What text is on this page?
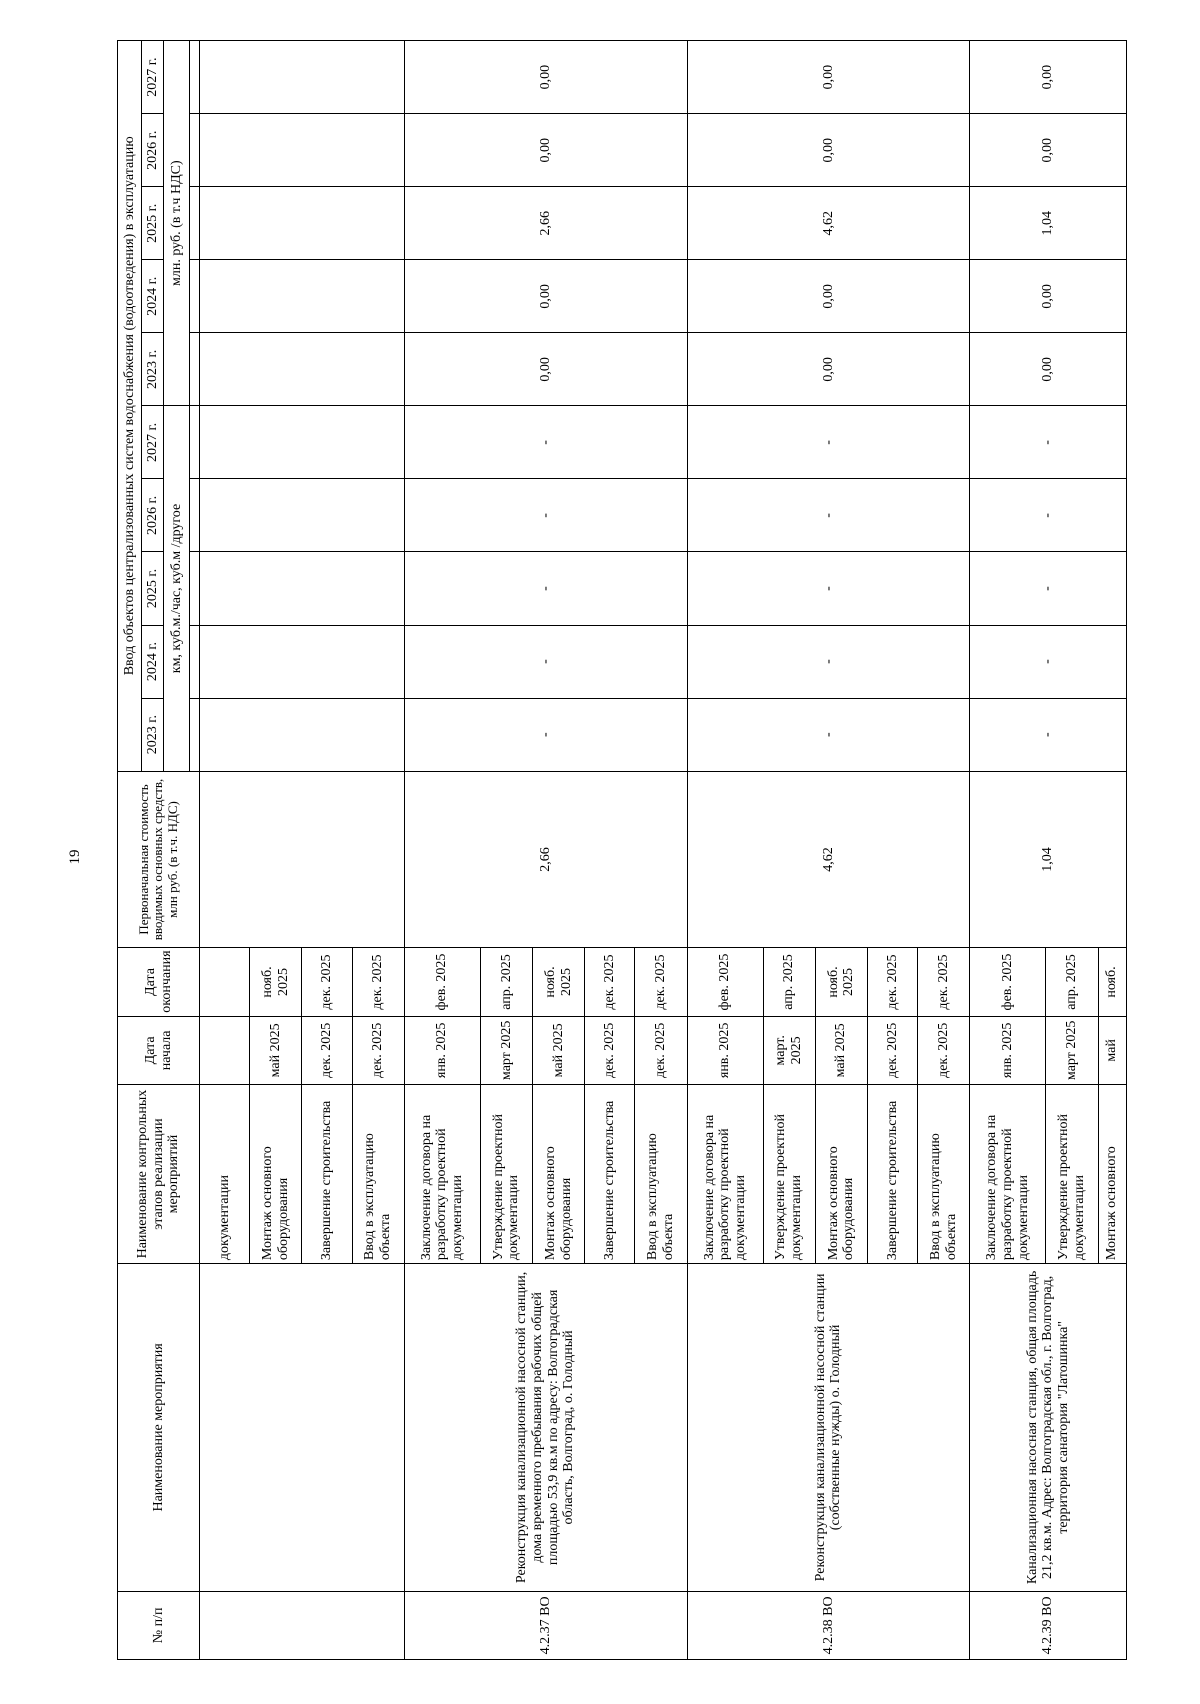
19
№ п/п	Наименование мероприятия	Наименование контрольных этапов реализации мероприятий	Дата начала	Дата окончания	Первоначальная стоимость вводимых основных средств, млн руб. (в т.ч. НДС)	Ввод объектов централизованных систем водоснабжения (водоотведения) в эксплуатацию									
						2023 г.	2024 г.	2025 г.	2026 г.	2027 г.	2023 г.	2024 г.	2025 г.	2026 г.	2027 г.
						км, куб.м./час, куб.м /другое					млн. руб. (в т.ч НДС)				

		документации													
		Монтаж основного оборудования	май 2025	нояб. 2025											
		Завершение строительства	дек. 2025	дек. 2025											
		Ввод в эксплуатацию объекта	дек. 2025	дек. 2025											
4.2.37 ВО	Реконструкция канализационной насосной станции, дома временного пребывания рабочих общей площадью 53,9 кв.м по адресу: Волгоградская область, Волгоград, о. Голодный	Заключение договора на разработку проектной документации	янв. 2025	фев. 2025	2,66	-	-	-	-	-	0,00	0,00	2,66	0,00	0,00
		Утверждение проектной документации	март 2025	апр. 2025											
		Монтаж основного оборудования	май 2025	нояб. 2025											
		Завершение строительства	дек. 2025	дек. 2025											
		Ввод в эксплуатацию объекта	дек. 2025	дек. 2025											
4.2.38 ВО	Реконструкция канализационной насосной станции (собственные нужды) о. Голодный	Заключение договора на разработку проектной документации	янв. 2025	фев. 2025	4,62	-	-	-	-	-	0,00	0,00	4,62	0,00	0,00
		Утверждение проектной документации	март. 2025	апр. 2025											
		Монтаж основного оборудования	май 2025	нояб. 2025											
		Завершение строительства	дек. 2025	дек. 2025											
		Ввод в эксплуатацию объекта	дек. 2025	дек. 2025											
4.2.39 ВО	Канализационная насосная станция, общая площадь 21,2 кв.м. Адрес: Волгоградская обл., г. Волгоград, территория санатория "Латошинка"	Заключение договора на разработку проектной документации	янв. 2025	фев. 2025	1,04	-	-	-	-	-	0,00	0,00	1,04	0,00	0,00
		Утверждение проектной документации	март 2025	апр. 2025											
		Монтаж основного	май	нояб.											
